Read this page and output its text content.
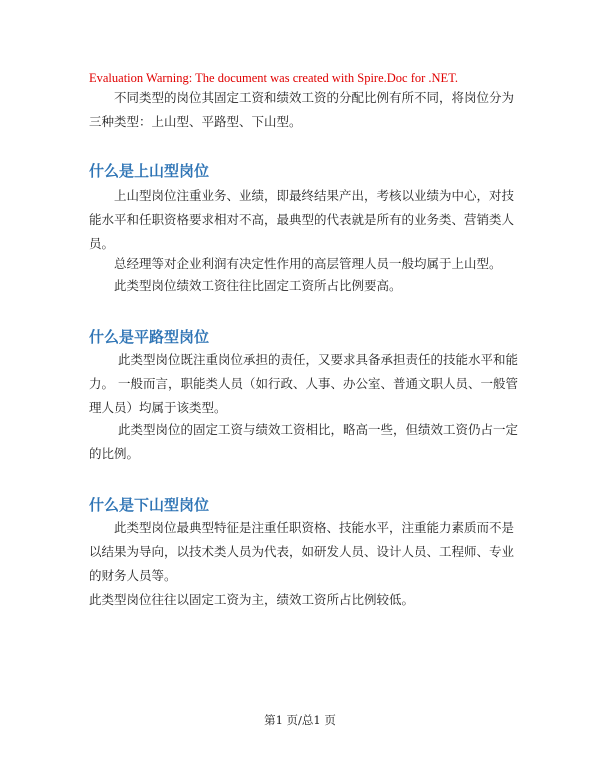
Evaluation Warning: The document was created with Spire.Doc for .NET.

不同类型的岗位其固定工资和绩效工资的分配比例有所不同，将岗位分为三种类型：上山型、平路型、下山型。

什么是上山型岗位

上山型岗位注重业务、业绩，即最终结果产出，考核以业绩为中心，对技能水平和任职资格要求相对不高，最典型的代表就是所有的业务类、营销类人员。

总经理等对企业利润有决定性作用的高层管理人员一般均属于上山型。

此类型岗位绩效工资往往比固定工资所占比例要高。

什么是平路型岗位

此类型岗位既注重岗位承担的责任，又要求具备承担责任的技能水平和能力。 一般而言，职能类人员（如行政、人事、办公室、普通文职人员、一般管理人员）均属于该类型。

此类型岗位的固定工资与绩效工资相比，略高一些，但绩效工资仍占一定的比例。

什么是下山型岗位

此类型岗位最典型特征是注重任职资格、技能水平，注重能力素质而不是以结果为导向，以技术类人员为代表，如研发人员、设计人员、工程师、专业的财务人员等。

此类型岗位往往以固定工资为主，绩效工资所占比例较低。

第1 页/总1 页
